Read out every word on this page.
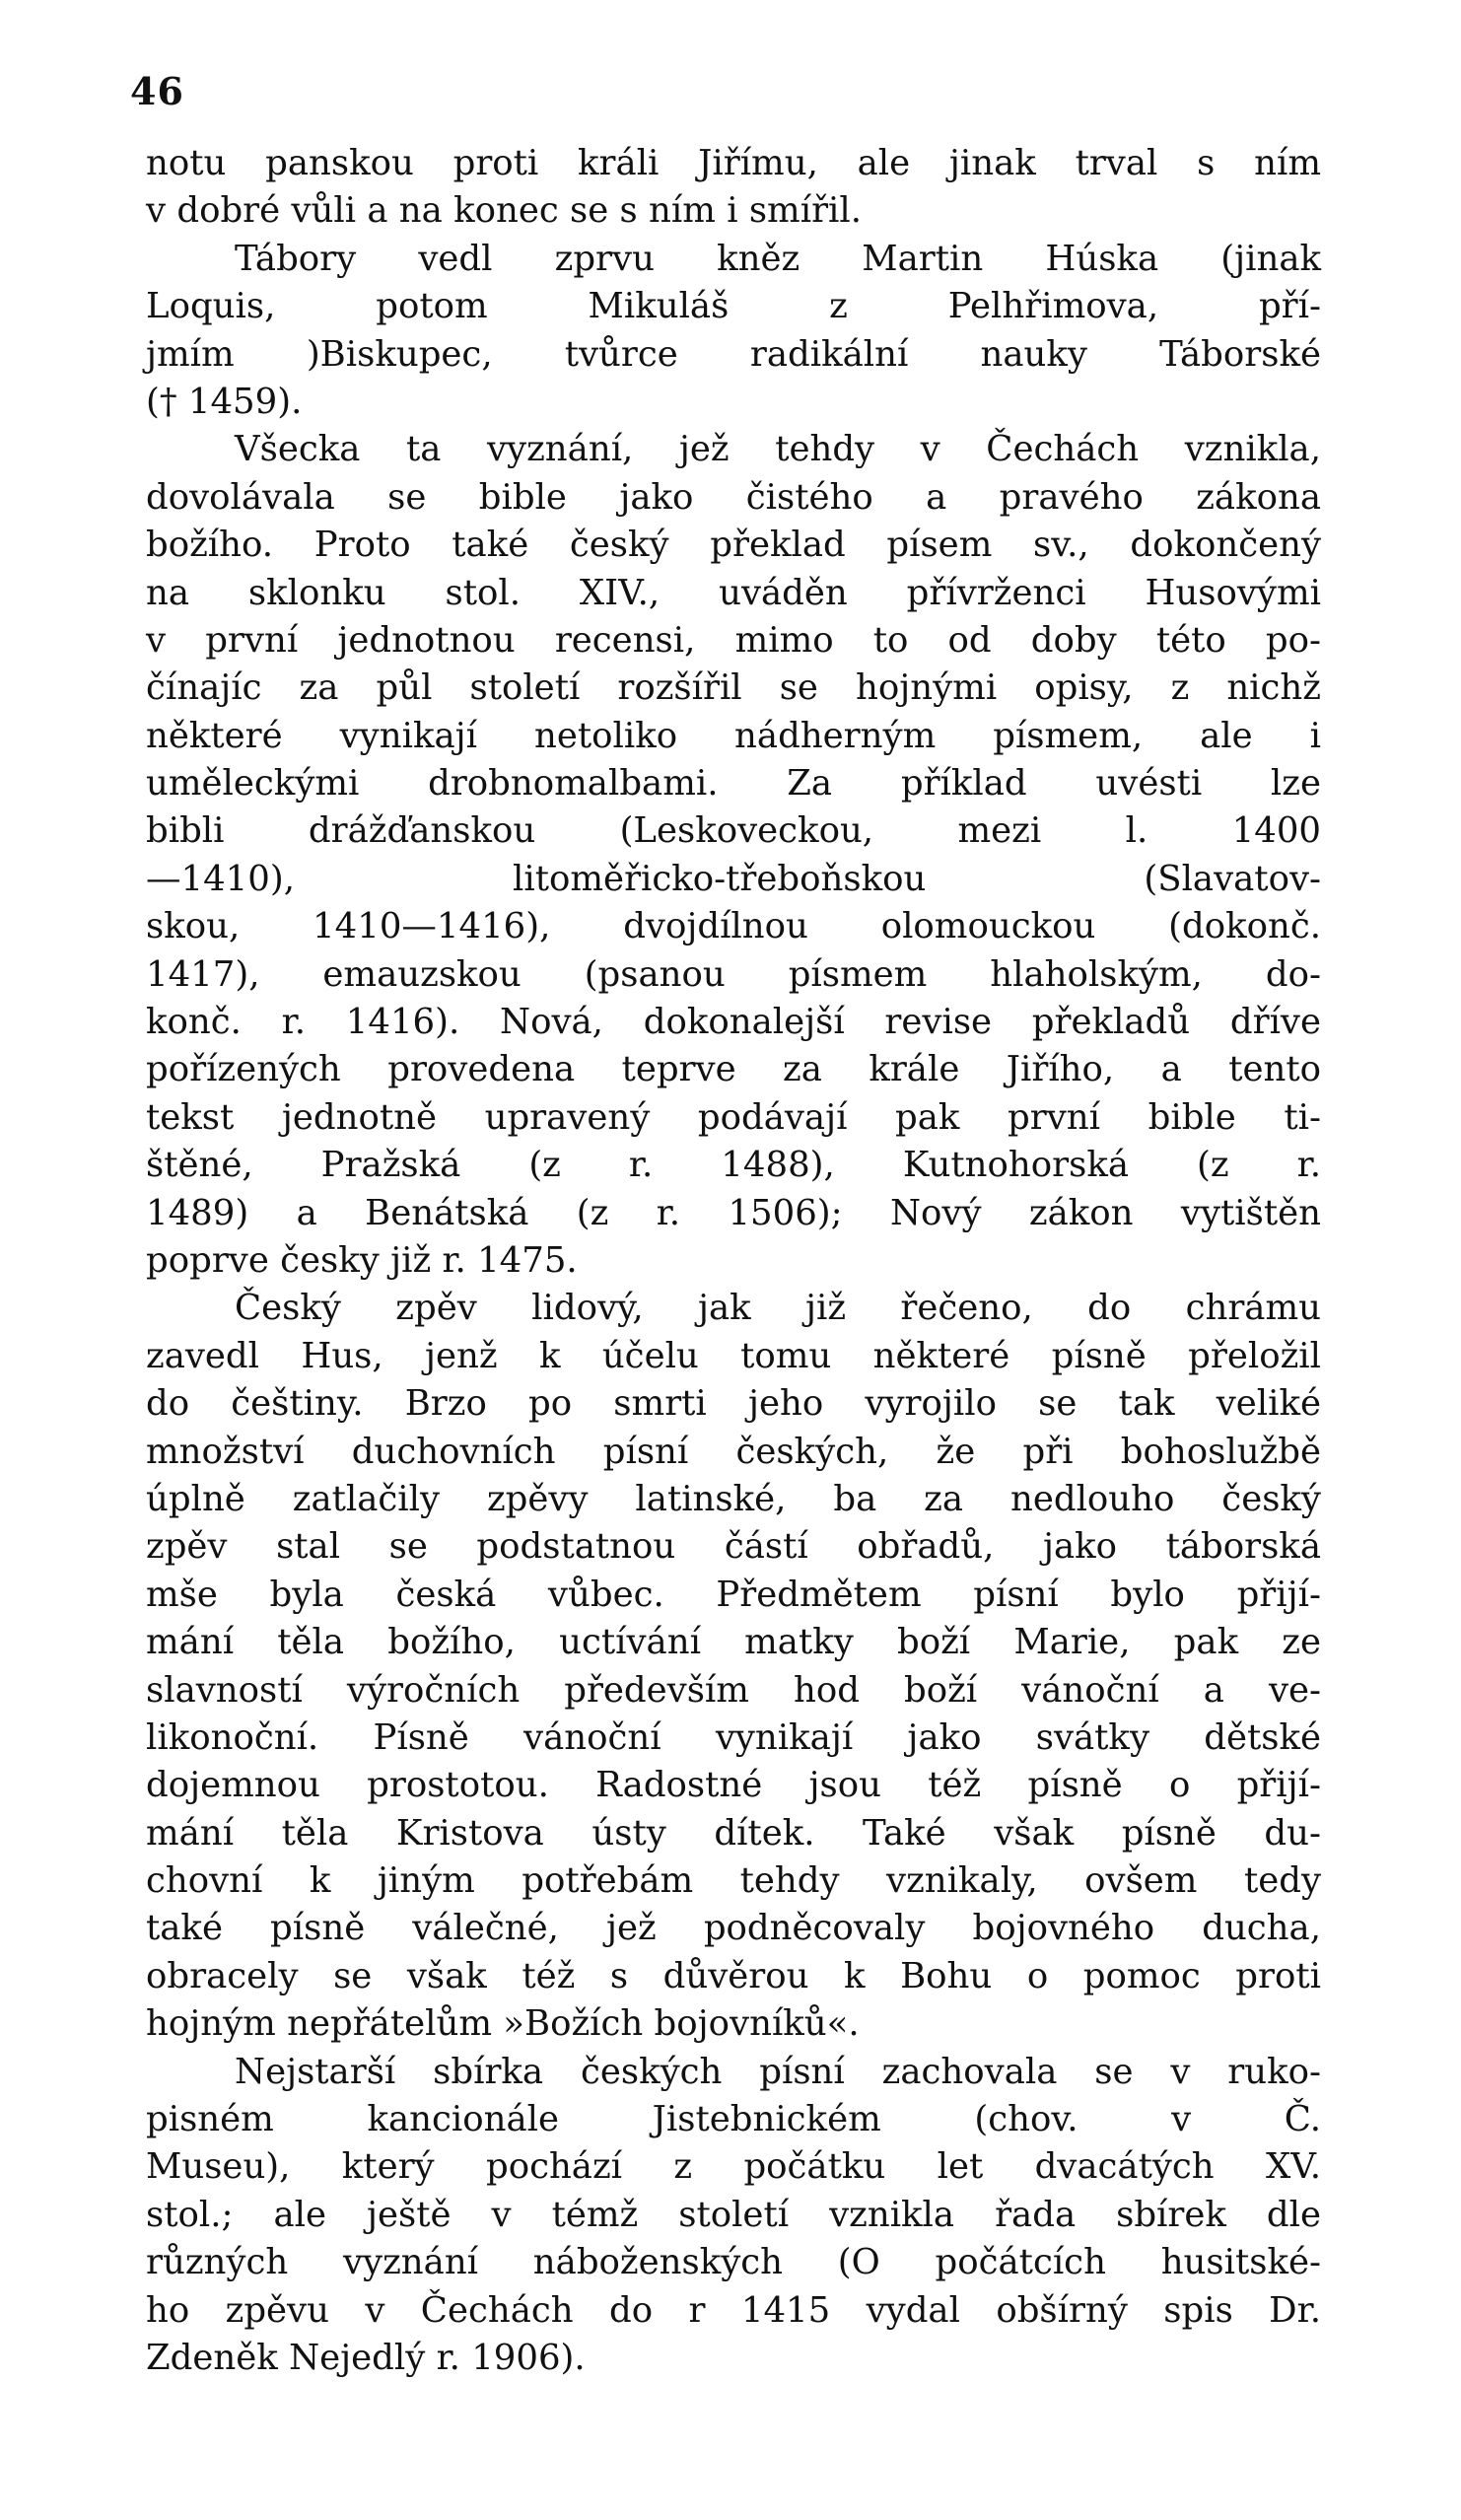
46
notu panskou proti králi Jiřímu, ale jinak trval s ním
v dobré vůli a na konec se s ním i smířil.
Tábory vedl zprvu kněz Martin Húska (jinak
Loquis, potom Mikuláš z Pelhřimova, pří-
jmím )Biskupec, tvůrce radikální nauky Táborské
(† 1459).
Všecka ta vyznání, jež tehdy v Čechách vznikla,
dovolávala se bible jako čistého a pravého zákona
božího. Proto také český překlad písem sv., dokončený
na sklonku stol. XIV., uváděn přívrženci Husovými
v první jednotnou recensi, mimo to od doby této po-
čínajíc za půl století rozšířil se hojnými opisy, z nichž
některé vynikají netoliko nádherným písmem, ale i
uměleckými drobnomalbami. Za příklad uvésti lze
bibli drážďanskou (Leskoveckou, mezi l. 1400
—1410), litoměřicko-třeboňskou (Slavatov-
skou, 1410—1416), dvojdílnou olomouckou (dokonč.
1417), emauzskou (psanou písmem hlaholským, do-
konč. r. 1416). Nová, dokonalejší revise překladů dříve
pořízených provedena teprve za krále Jiřího, a tento
tekst jednotně upravený podávají pak první bible ti-
štěné, Pražská (z r. 1488), Kutnohorská (z r.
1489) a Benátská (z r. 1506); Nový zákon vytištěn
poprve česky již r. 1475.
Český zpěv lidový, jak již řečeno, do chrámu
zavedl Hus, jenž k účelu tomu některé písně přeložil
do češtiny. Brzo po smrti jeho vyrojilo se tak veliké
množství duchovních písní českých, že při bohoslužbě
úplně zatlačily zpěvy latinské, ba za nedlouho český
zpěv stal se podstatnou částí obřadů, jako táborská
mše byla česká vůbec. Předmětem písní bylo přijí-
mání těla božího, uctívání matky boží Marie, pak ze
slavností výročních především hod boží vánoční a ve-
likonoční. Písně vánoční vynikají jako svátky dětské
dojemnou prostotou. Radostné jsou též písně o přijí-
mání těla Kristova ústy dítek. Také však písně du-
chovní k jiným potřebám tehdy vznikaly, ovšem tedy
také písně válečné, jež podněcovaly bojovného ducha,
obracely se však též s důvěrou k Bohu o pomoc proti
hojným nepřátelům »Božích bojovníků«.
Nejstarší sbírka českých písní zachovala se v ruko-
pisném kancionále Jistebnickém (chov. v Č.
Museu), který pochází z počátku let dvacátých XV.
stol.; ale ještě v témž století vznikla řada sbírek dle
různých vyznání náboženských (O počátcích husitské-
ho zpěvu v Čechách do r 1415 vydal obšírný spis Dr.
Zdeněk Nejedlý r. 1906).
